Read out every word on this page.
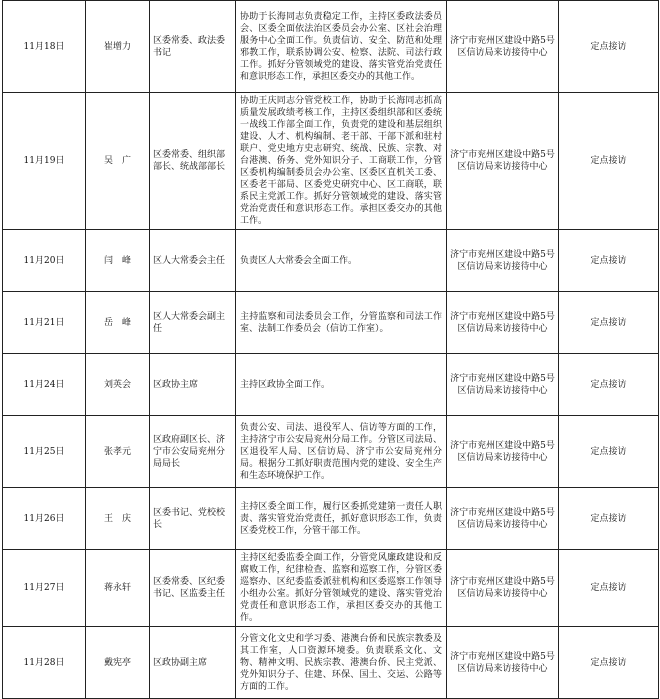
11月18日	崔增力	区委常委、政法委书记	协助于长海同志负责稳定工作，主持区委政法委员会、区委全面依法治区委员会办公室、区社会治理服务中心全面工作。负责信访、安全、防范和处理邪教工作，联系协调公安、检察、法院、司法行政工作。抓好分管领域党的建设、落实管党治党责任和意识形态工作，承担区委交办的其他工作。	济宁市兖州区建设中路5号区信访局来访接待中心	定点接访
11月19日	吴　广	区委常委、组织部部长、统战部部长	协助王庆同志分管党校工作，协助于长海同志抓高质量发展政绩考核工作，主持区委组织部和区委统一战线工作部全面工作，负责党的建设和基层组织建设、人才、机构编制、老干部、干部下派和驻村联户、党史地方史志研究、统战、民族、宗教、对台港澳、侨务、党外知识分子、工商联工作，分管区委机构编制委员会办公室、区委区直机关工委、区委老干部局、区委党史研究中心、区工商联，联系民主党派工作。抓好分管领域党的建设、落实管党治党责任和意识形态工作。承担区委交办的其他工作。	济宁市兖州区建设中路5号区信访局来访接待中心	定点接访
11月20日	闫　峰	区人大常委会主任	负责区人大常委会全面工作。	济宁市兖州区建设中路5号区信访局来访接待中心	定点接访
11月21日	岳　峰	区人大常委会副主任	主持监察和司法委员会工作，分管监察和司法工作室、法制工作委员会（信访工作室）。	济宁市兖州区建设中路5号区信访局来访接待中心	定点接访
11月24日	刘英会	区政协主席	主持区政协全面工作。	济宁市兖州区建设中路5号区信访局来访接待中心	定点接访
11月25日	张孝元	区政府副区长、济宁市公安局兖州分局局长	负责公安、司法、退役军人、信访等方面的工作，主持济宁市公安局兖州分局工作。分管区司法局、区退役军人局、区信访局、济宁市公安局兖州分局。根据分工抓好职责范围内党的建设、安全生产和生态环境保护工作。	济宁市兖州区建设中路5号区信访局来访接待中心	定点接访
11月26日	王　庆	区委书记、党校校长	主持区委全面工作，履行区委抓党建第一责任人职责、落实管党治党责任，抓好意识形态工作，负责区委党校工作，分管干部工作。	济宁市兖州区建设中路5号区信访局来访接待中心	定点接访
11月27日	蒋永轩	区委常委、区纪委书记、区监委主任	主持区纪委监委全面工作，分管党风廉政建设和反腐败工作，纪律检查、监察和巡察工作，分管区委巡察办、区纪委监委派驻机构和区委巡察工作领导小组办公室。抓好分管领域党的建设、落实管党治党责任和意识形态工作，承担区委交办的其他工作。	济宁市兖州区建设中路5号区信访局来访接待中心	定点接访
11月28日	戴宪亭	区政协副主席	分管文化文史和学习委、港澳台侨和民族宗教委及其工作室，人口资源环境委。负责联系文化、文物、精神文明、民族宗教、港澳台侨、民主党派、党外知识分子、住建、环保、国土、交运、公路等方面的工作。	济宁市兖州区建设中路5号区信访局来访接待中心	定点接访
